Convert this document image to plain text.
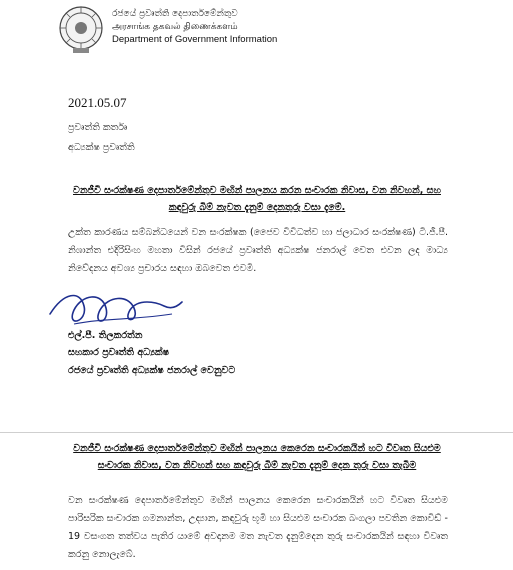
රජයේ ප්‍රවෘත්ති දෙපාර්තමේන්තුව
அரசாங்க தகவல் திணைக்களம்
Department of Government Information
2021.05.07
ප්‍රවෘත්ති කර්තෘ
අධ්‍යක්ෂ ප්‍රවෘත්ති
වනජීවී සංරක්ෂණ දෙපාර්තමේන්තුව මඟින් පාලනය කරන සංචාරක නිවාස, වන නිවහන්, සහ කඳවුරු බිම් නැවත දැනුම් දෙනතුරු වසා දැමේ.
උක්ත කාරණය සම්බන්ධයෙන් වන සංරක්ෂක (ජෛව විවිධත්ව හා ජලාධාර සංරක්ෂණ) ටී.ජී.පී. නිශාන්ත එදිරිසිංහ මහතා විසින් රජයේ ප්‍රවෘත්ති අධ්‍යක්ෂ ජනරාල් වෙත එවන ලද මාධ්‍ය නිවේදනය අවශ්‍ය ප්‍රචාරය සඳහා ඔබවෙත එවමි.
එල්.පී. තිලකරත්න
සහකාර ප්‍රවෘත්ති අධ්‍යක්ෂ
රජයේ ප්‍රවෘත්ති අධ්‍යක්ෂ ජනරාල් වෙනුවට
වනජීවී සංරක්ෂණ දෙපාර්තමේන්තුව මඟින් පාලනය කෙරෙන සංචාරකයින් හට විවෘත සියළුම සංචාරක නිවාස, වන නිවහන් සහ කඳවුරු බිම් නැවත දැනුම් දෙන තුරු වසා තැබීම
වන සංරක්ෂණ දෙපාර්තමේන්තුව මඟින් පාලනය කෙරෙන සංචාරකයින් හට විවෘත සියළුම පාරිසරික සංචාරක ගමනාන්ත, උද්‍යාන, කඳවුරු භූමි හා සියළුම සංචාරක බංගලා පවතින කොවිඩ් - 19 වසංගත තත්වය පැතිර යාමේ අවදානම මත නැවත දැනුම්දෙන තුරු සංචාරකයින් සඳහා විවෘත කරනු නොලැබේ.
